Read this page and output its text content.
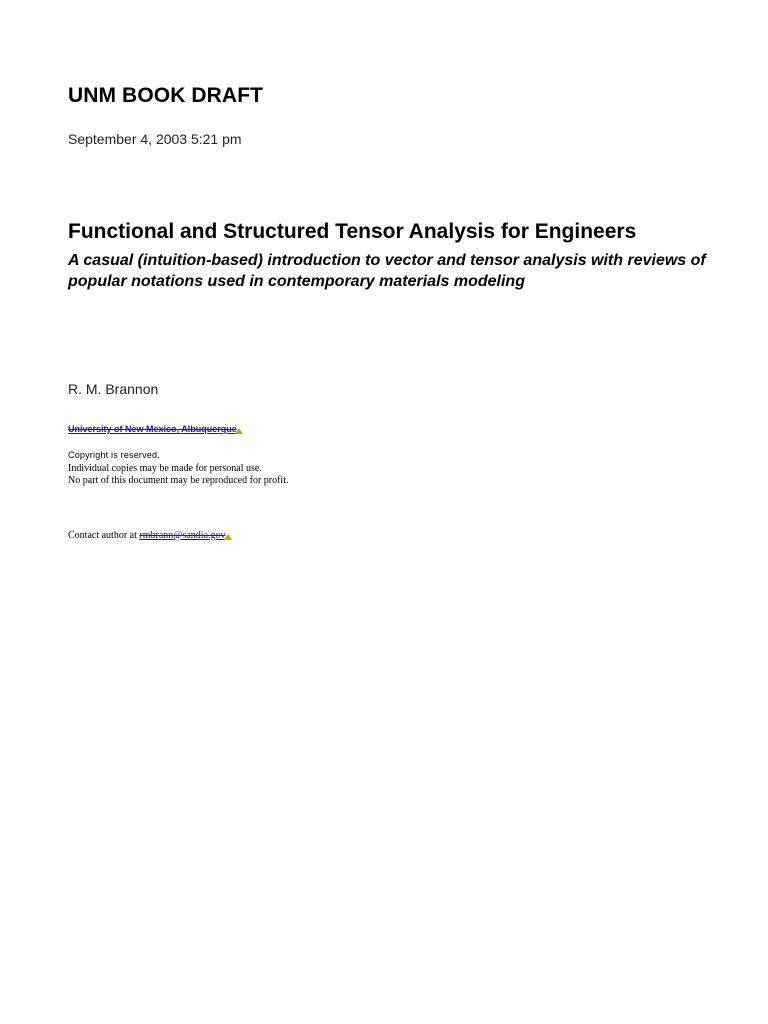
UNM BOOK DRAFT
September 4, 2003 5:21 pm
Functional and Structured Tensor Analysis for Engineers
A casual (intuition-based) introduction to vector and tensor analysis with reviews of popular notations used in contemporary materials modeling
R. M. Brannon
University of New Mexico, Albuquerque
Copyright is reserved.
Individual copies may be made for personal use.
No part of this document may be reproduced for profit.
Contact author at rmbrann@sandia.gov
